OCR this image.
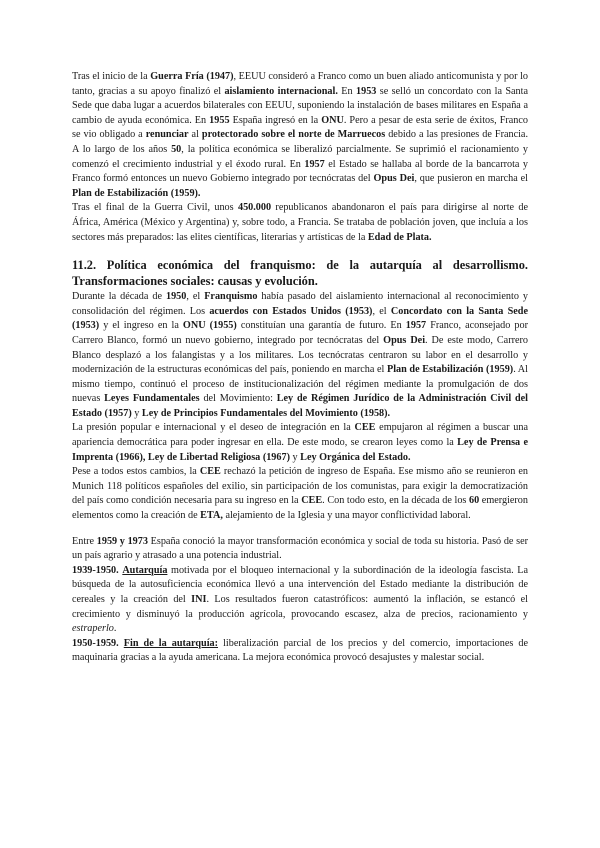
Tras el inicio de la Guerra Fría (1947), EEUU consideró a Franco como un buen aliado anticomunista y por lo tanto, gracias a su apoyo finalizó el aislamiento internacional. En 1953 se selló un concordato con la Santa Sede que daba lugar a acuerdos bilaterales con EEUU, suponiendo la instalación de bases militares en España a cambio de ayuda económica. En 1955 España ingresó en la ONU. Pero a pesar de esta serie de éxitos, Franco se vio obligado a renunciar al protectorado sobre el norte de Marruecos debido a las presiones de Francia. A lo largo de los años 50, la política económica se liberalizó parcialmente. Se suprimió el racionamiento y comenzó el crecimiento industrial y el éxodo rural. En 1957 el Estado se hallaba al borde de la bancarrota y Franco formó entonces un nuevo Gobierno integrado por tecnócratas del Opus Dei, que pusieron en marcha el Plan de Estabilización (1959).

Tras el final de la Guerra Civil, unos 450.000 republicanos abandonaron el país para dirigirse al norte de África, América (México y Argentina) y, sobre todo, a Francia. Se trataba de población joven, que incluía a los sectores más preparados: las elites científicas, literarias y artísticas de la Edad de Plata.

11.2. Política económica del franquismo: de la autarquía al desarrollismo. Transformaciones sociales: causas y evolución.

Durante la década de 1950, el Franquismo había pasado del aislamiento internacional al reconocimiento y consolidación del régimen. Los acuerdos con Estados Unidos (1953), el Concordato con la Santa Sede (1953) y el ingreso en la ONU (1955) constituían una garantía de futuro. En 1957 Franco, aconsejado por Carrero Blanco, formó un nuevo gobierno, integrado por tecnócratas del Opus Dei. De este modo, Carrero Blanco desplazó a los falangistas y a los militares. Los tecnócratas centraron su labor en el desarrollo y modernización de la estructuras económicas del país, poniendo en marcha el Plan de Estabilización (1959). Al mismo tiempo, continuó el proceso de institucionalización del régimen mediante la promulgación de dos nuevas Leyes Fundamentales del Movimiento: Ley de Régimen Jurídico de la Administración Civil del Estado (1957) y Ley de Principios Fundamentales del Movimiento (1958).

La presión popular e internacional y el deseo de integración en la CEE empujaron al régimen a buscar una apariencia democrática para poder ingresar en ella. De este modo, se crearon leyes como la Ley de Prensa e Imprenta (1966), Ley de Libertad Religiosa (1967) y Ley Orgánica del Estado.

Pese a todos estos cambios, la CEE rechazó la petición de ingreso de España. Ese mismo año se reunieron en Munich 118 políticos españoles del exilio, sin participación de los comunistas, para exigir la democratización del país como condición necesaria para su ingreso en la CEE. Con todo esto, en la década de los 60 emergieron elementos como la creación de ETA, alejamiento de la Iglesia y una mayor conflictividad laboral.

Entre 1959 y 1973 España conoció la mayor transformación económica y social de toda su historia. Pasó de ser un país agrario y atrasado a una potencia industrial.

1939-1950. Autarquía motivada por el bloqueo internacional y la subordinación de la ideología fascista. La búsqueda de la autosuficiencia económica llevó a una intervención del Estado mediante la distribución de cereales y la creación del INI. Los resultados fueron catastróficos: aumentó la inflación, se estancó el crecimiento y disminuyó la producción agrícola, provocando escasez, alza de precios, racionamiento y estraperlo.

1950-1959. Fin de la autarquía: liberalización parcial de los precios y del comercio, importaciones de maquinaria gracias a la ayuda americana. La mejora económica provocó desajustes y malestar social.
